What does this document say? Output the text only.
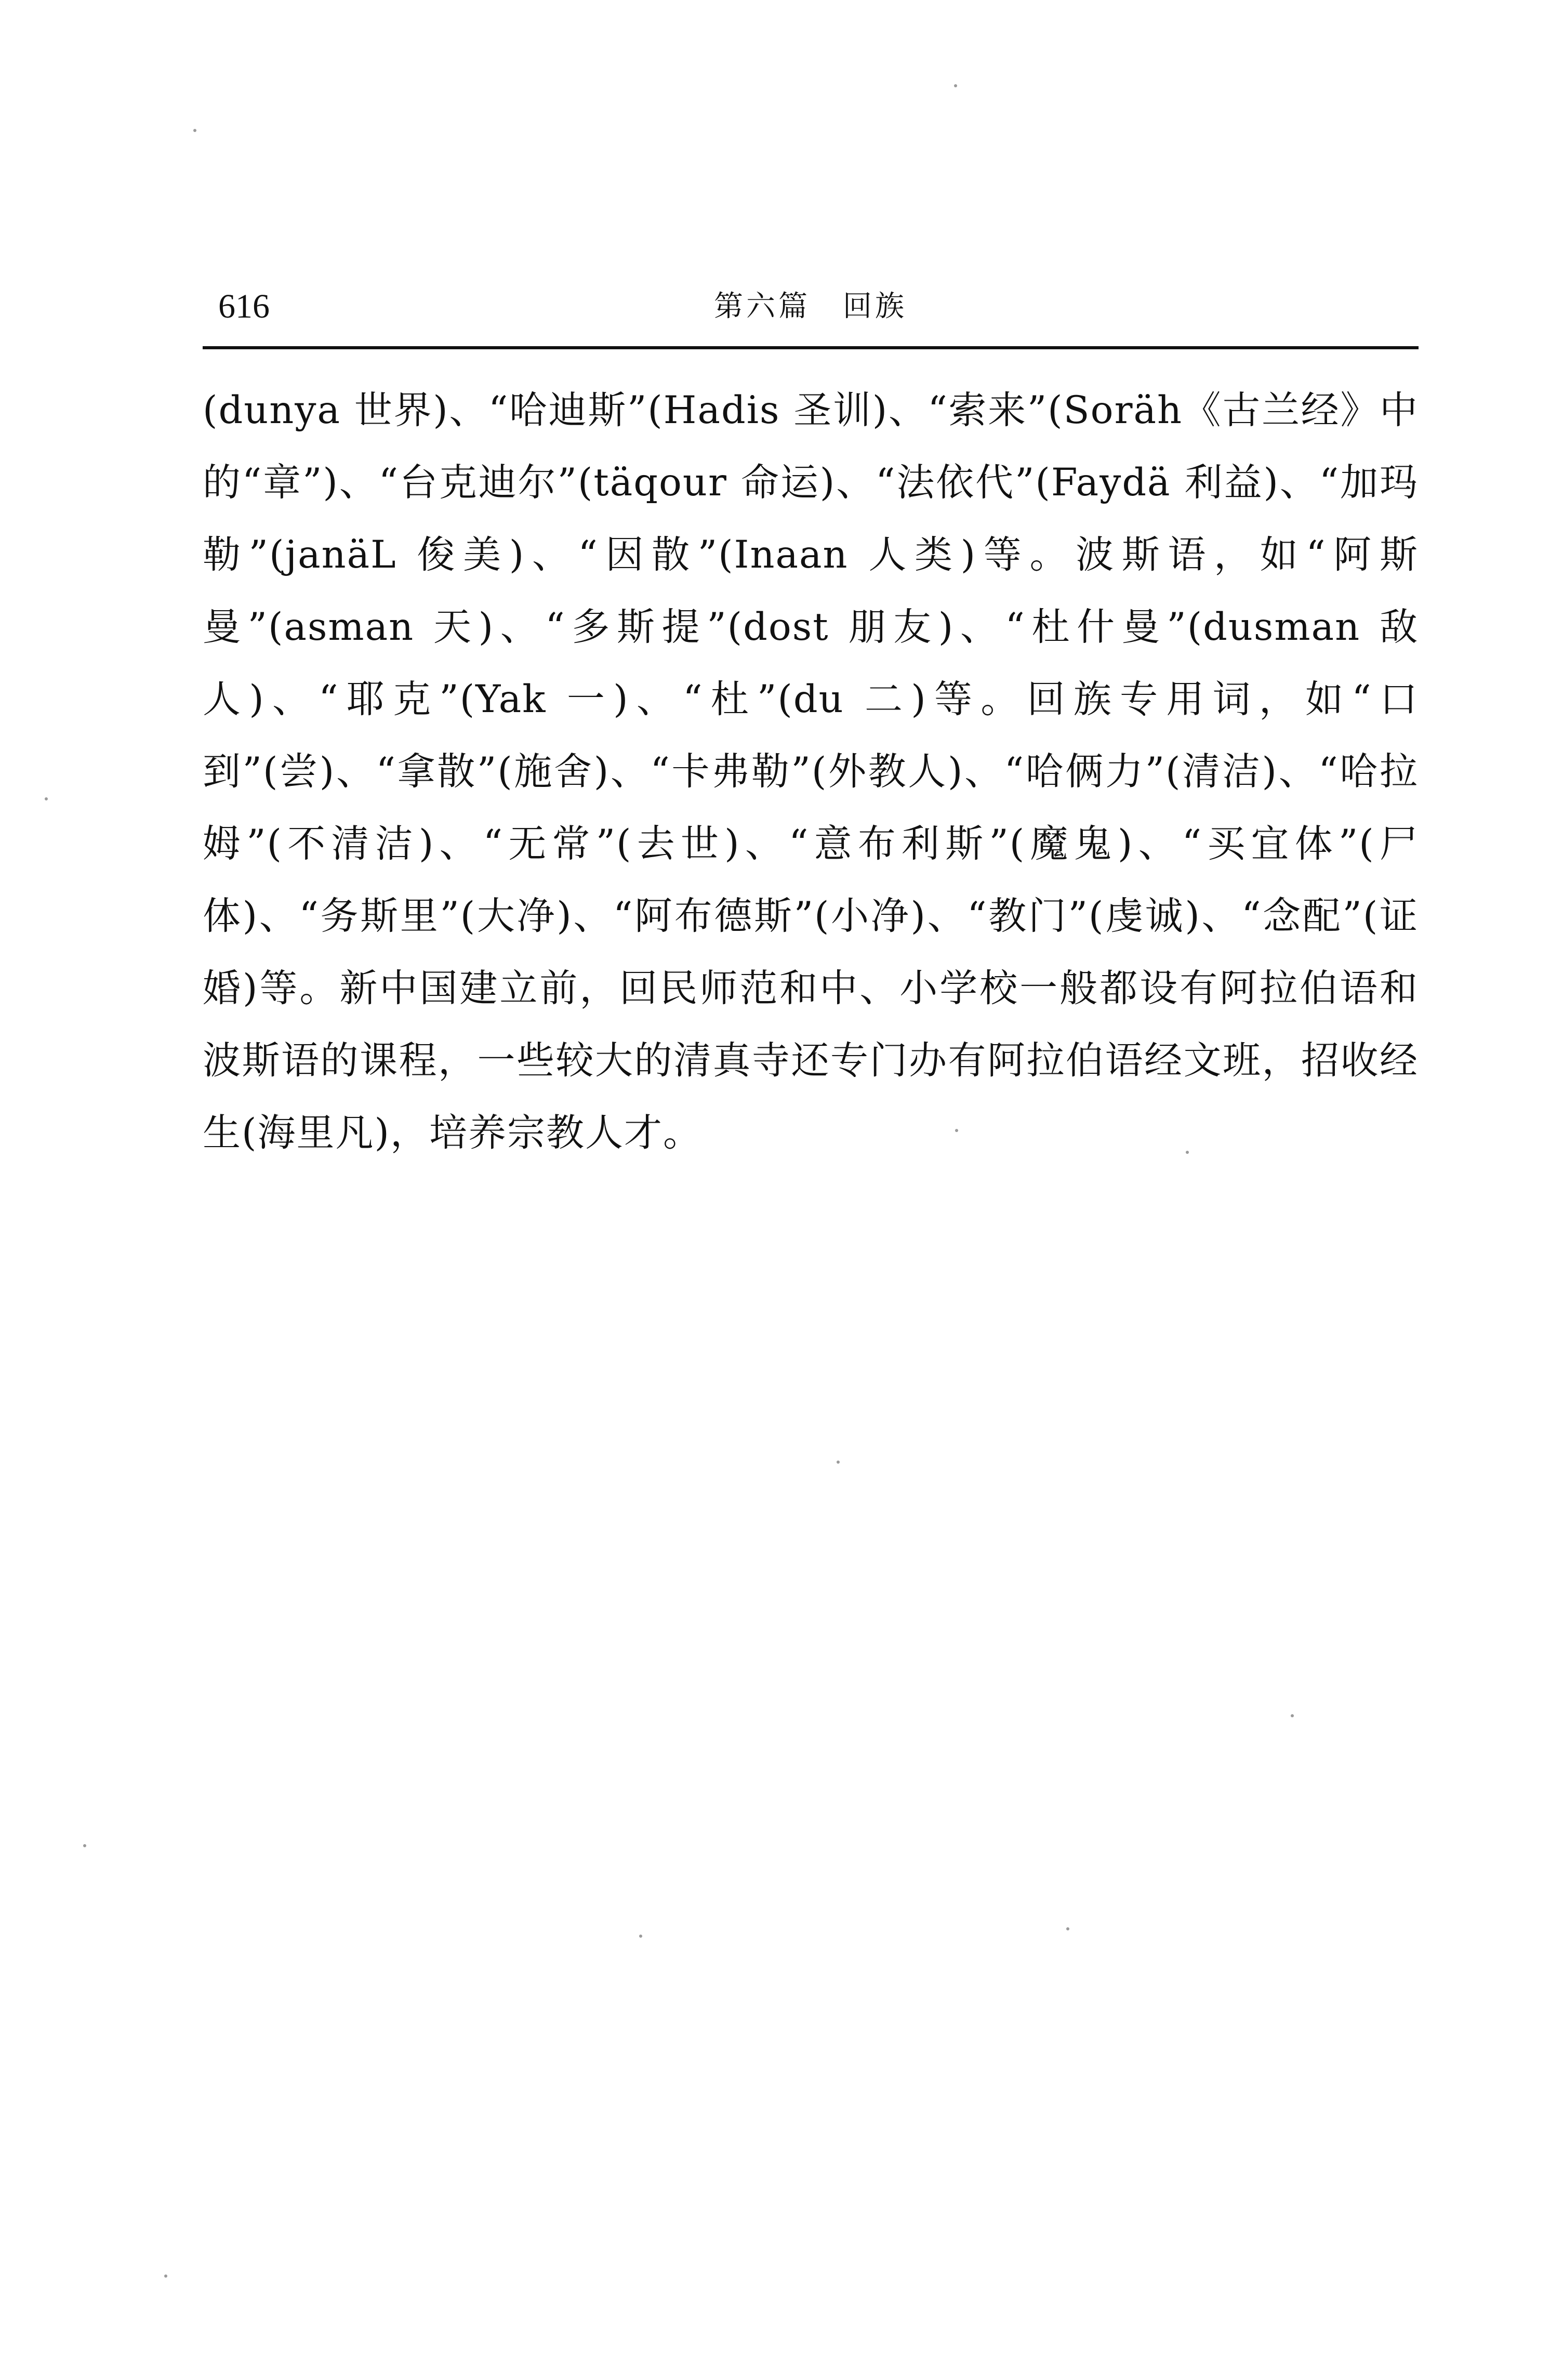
616	第六篇　回族

(dunya 世界)、“哈迪斯”(Hadis 圣训)、“索来”(Soräh《古兰经》中的“章”)、“台克迪尔”(täqour 命运)、“法依代”(Faydä 利益)、“加玛勒”(janäL 俊美)、“因散”(Inaan 人类)等。波斯语，如“阿斯曼”(asman 天)、“多斯提”(dost 朋友)、“杜什曼”(dusman 敌人)、“耶克”(Yak 一)、“杜”(du 二)等。回族专用词，如“口到”(尝)、“拿散”(施舍)、“卡弗勒”(外教人)、“哈俩力”(清洁)、“哈拉姆”(不清洁)、“无常”(去世)、“意布利斯”(魔鬼)、“买宜体”(尸体)、“务斯里”(大净)、“阿布德斯”(小净)、“教门”(虔诚)、“念配”(证婚)等。新中国建立前，回民师范和中、小学校一般都设有阿拉伯语和波斯语的课程，一些较大的清真寺还专门办有阿拉伯语经文班，招收经生(海里凡)，培养宗教人才。
